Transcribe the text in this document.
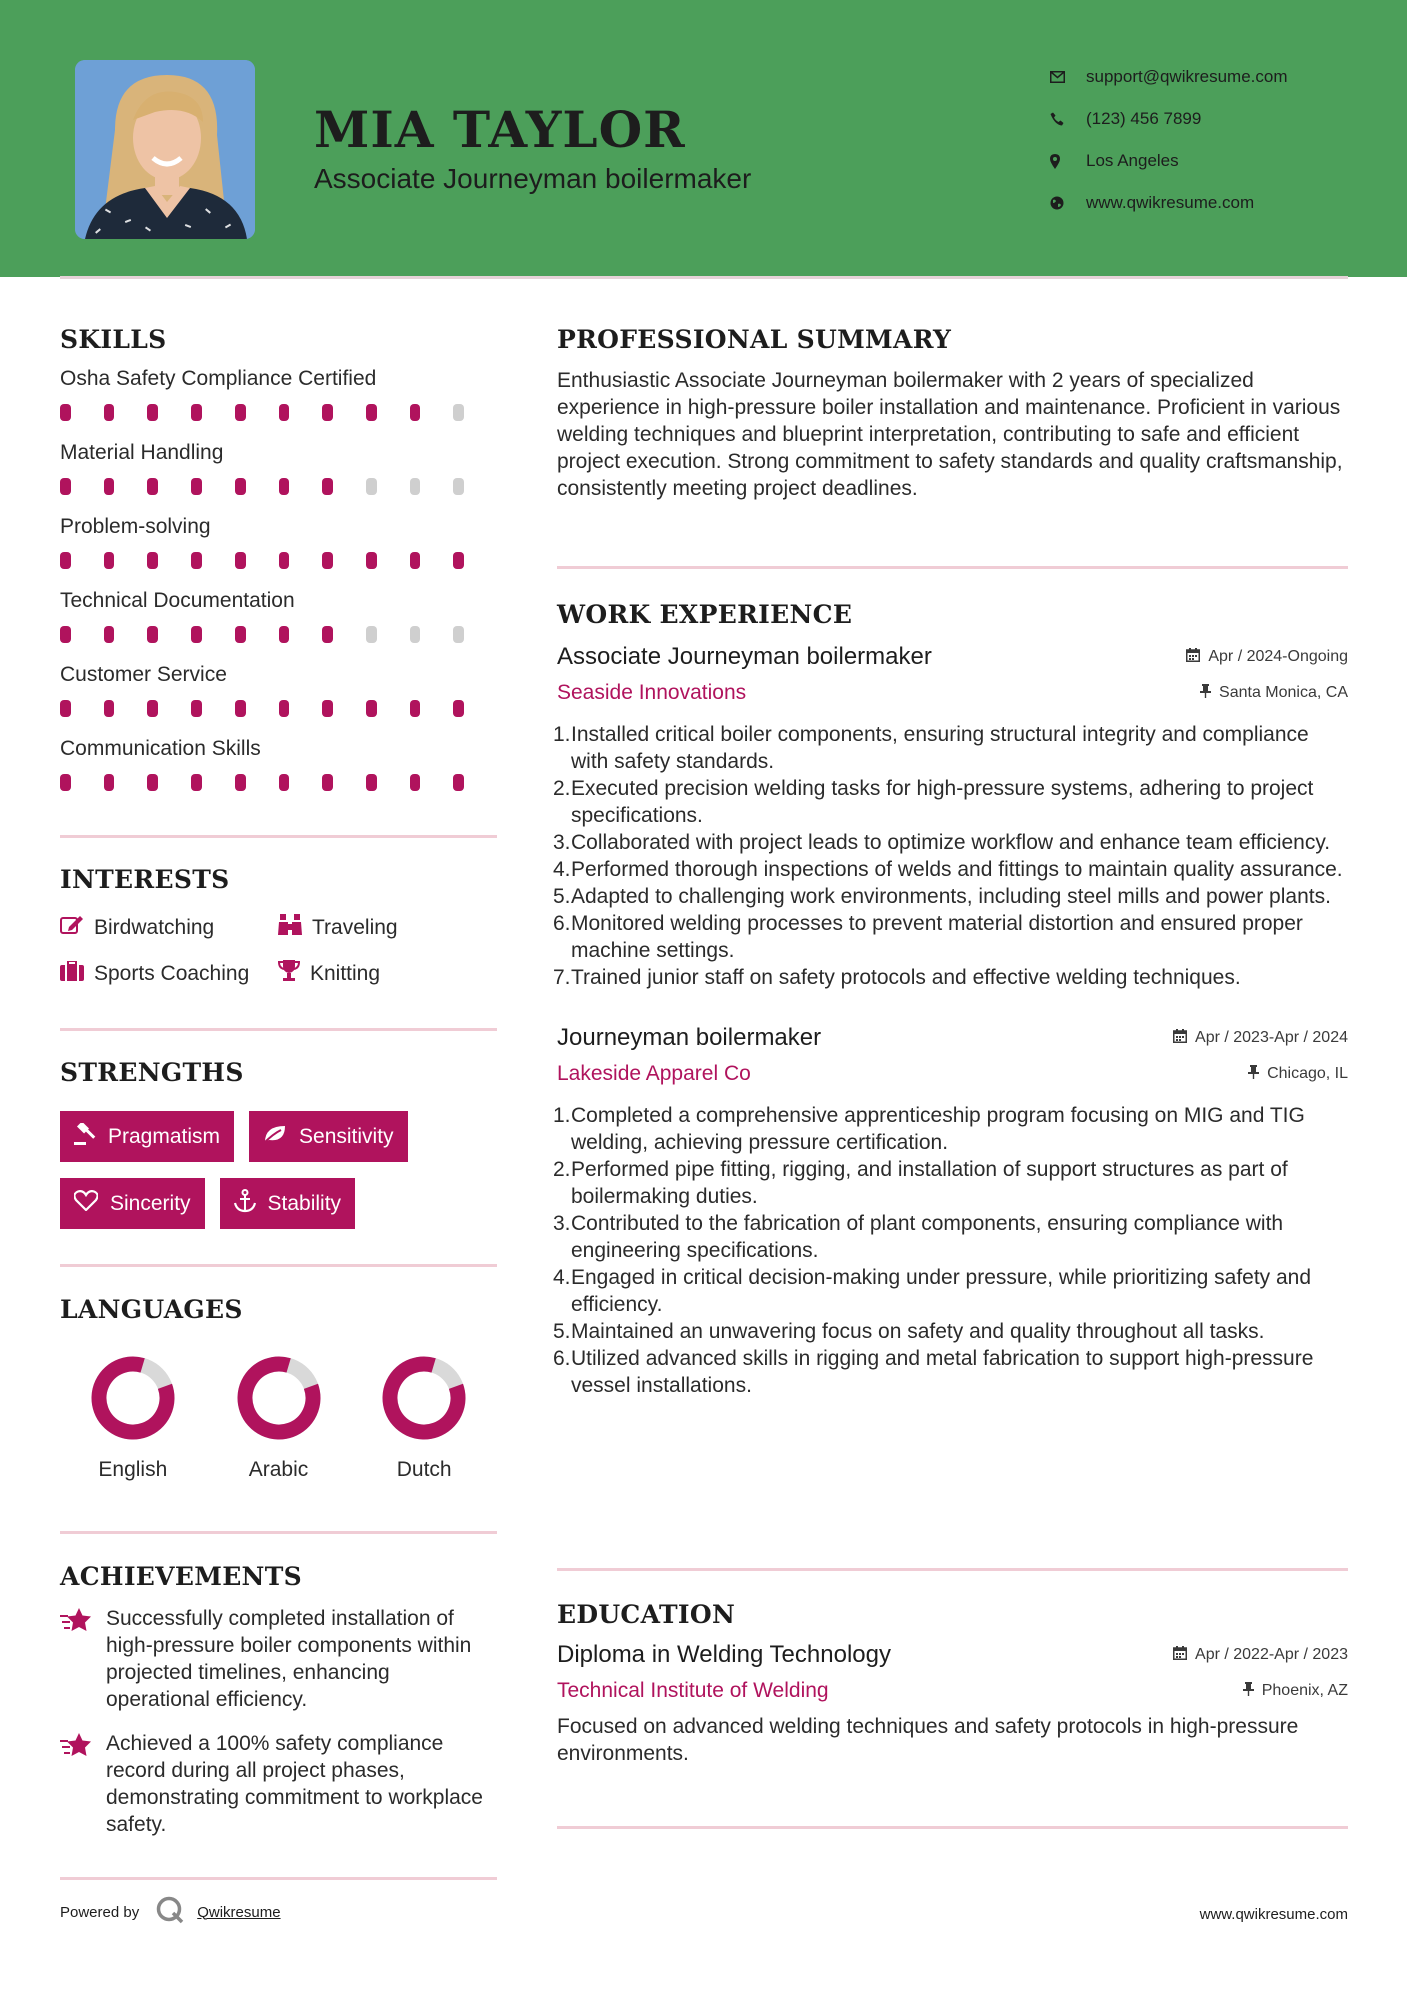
MIA TAYLOR
Associate Journeyman boilermaker
support@qwikresume.com
(123) 456 7899
Los Angeles
www.qwikresume.com
SKILLS
Osha Safety Compliance Certified
Material Handling
Problem-solving
Technical Documentation
Customer Service
Communication Skills
INTERESTS
Birdwatching	Traveling
Sports Coaching	Knitting
STRENGTHS
Pragmatism	Sensitivity
Sincerity	Stability
LANGUAGES
English	Arabic	Dutch
ACHIEVEMENTS
Successfully completed installation of high-pressure boiler components within projected timelines, enhancing operational efficiency.
Achieved a 100% safety compliance record during all project phases, demonstrating commitment to workplace safety.
PROFESSIONAL SUMMARY
Enthusiastic Associate Journeyman boilermaker with 2 years of specialized experience in high-pressure boiler installation and maintenance. Proficient in various welding techniques and blueprint interpretation, contributing to safe and efficient project execution. Strong commitment to safety standards and quality craftsmanship, consistently meeting project deadlines.
WORK EXPERIENCE
Associate Journeyman boilermaker	Apr / 2024-Ongoing
Seaside Innovations	Santa Monica, CA
1. Installed critical boiler components, ensuring structural integrity and compliance with safety standards.
2. Executed precision welding tasks for high-pressure systems, adhering to project specifications.
3. Collaborated with project leads to optimize workflow and enhance team efficiency.
4. Performed thorough inspections of welds and fittings to maintain quality assurance.
5. Adapted to challenging work environments, including steel mills and power plants.
6. Monitored welding processes to prevent material distortion and ensured proper machine settings.
7. Trained junior staff on safety protocols and effective welding techniques.
Journeyman boilermaker	Apr / 2023-Apr / 2024
Lakeside Apparel Co	Chicago, IL
1. Completed a comprehensive apprenticeship program focusing on MIG and TIG welding, achieving pressure certification.
2. Performed pipe fitting, rigging, and installation of support structures as part of boilermaking duties.
3. Contributed to the fabrication of plant components, ensuring compliance with engineering specifications.
4. Engaged in critical decision-making under pressure, while prioritizing safety and efficiency.
5. Maintained an unwavering focus on safety and quality throughout all tasks.
6. Utilized advanced skills in rigging and metal fabrication to support high-pressure vessel installations.
EDUCATION
Diploma in Welding Technology	Apr / 2022-Apr / 2023
Technical Institute of Welding	Phoenix, AZ
Focused on advanced welding techniques and safety protocols in high-pressure environments.
Powered by	Qwikresume	www.qwikresume.com
